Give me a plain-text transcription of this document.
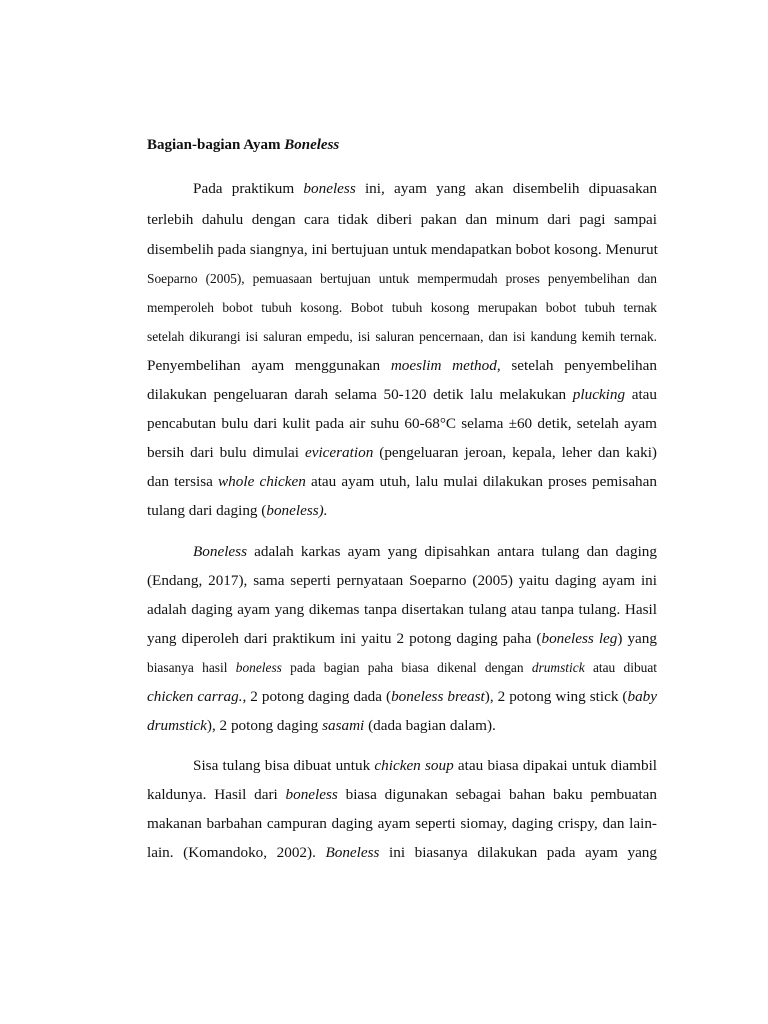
Bagian-bagian Ayam Boneless
Pada praktikum boneless ini, ayam yang akan disembelih dipuasakan
terlebih dahulu dengan cara tidak diberi pakan dan minum dari pagi sampai
disembelih pada siangnya, ini bertujuan untuk mendapatkan bobot kosong. Menurut
Soeparno (2005), pemuasaan bertujuan untuk mempermudah proses penyembelihan dan
memperoleh bobot tubuh kosong. Bobot tubuh kosong merupakan bobot tubuh ternak
setelah dikurangi isi saluran empedu, isi saluran pencernaan, dan isi kandung kemih ternak.
Penyembelihan ayam menggunakan moeslim method, setelah penyembelihan
dilakukan pengeluaran darah selama 50-120 detik lalu melakukan plucking atau
pencabutan bulu dari kulit pada air suhu 60-68°C selama ±60 detik, setelah ayam
bersih dari bulu dimulai eviceration (pengeluaran jeroan, kepala, leher dan kaki)
dan tersisa whole chicken atau ayam utuh, lalu mulai dilakukan proses pemisahan
tulang dari daging (boneless).
Boneless adalah karkas ayam yang dipisahkan antara tulang dan daging
(Endang, 2017), sama seperti pernyataan Soeparno (2005) yaitu daging ayam ini
adalah daging ayam yang dikemas tanpa disertakan tulang atau tanpa tulang. Hasil
yang diperoleh dari praktikum ini yaitu 2 potong daging paha (boneless leg) yang
biasanya hasil boneless pada bagian paha biasa dikenal dengan drumstick atau dibuat
chicken carrag., 2 potong daging dada (boneless breast), 2 potong wing stick (baby
drumstick), 2 potong daging sasami (dada bagian dalam).
Sisa tulang bisa dibuat untuk chicken soup atau biasa dipakai untuk diambil
kaldunya. Hasil dari boneless biasa digunakan sebagai bahan baku pembuatan
makanan barbahan campuran daging ayam seperti siomay, daging crispy, dan lain-
lain. (Komandoko, 2002). Boneless ini biasanya dilakukan pada ayam yang
